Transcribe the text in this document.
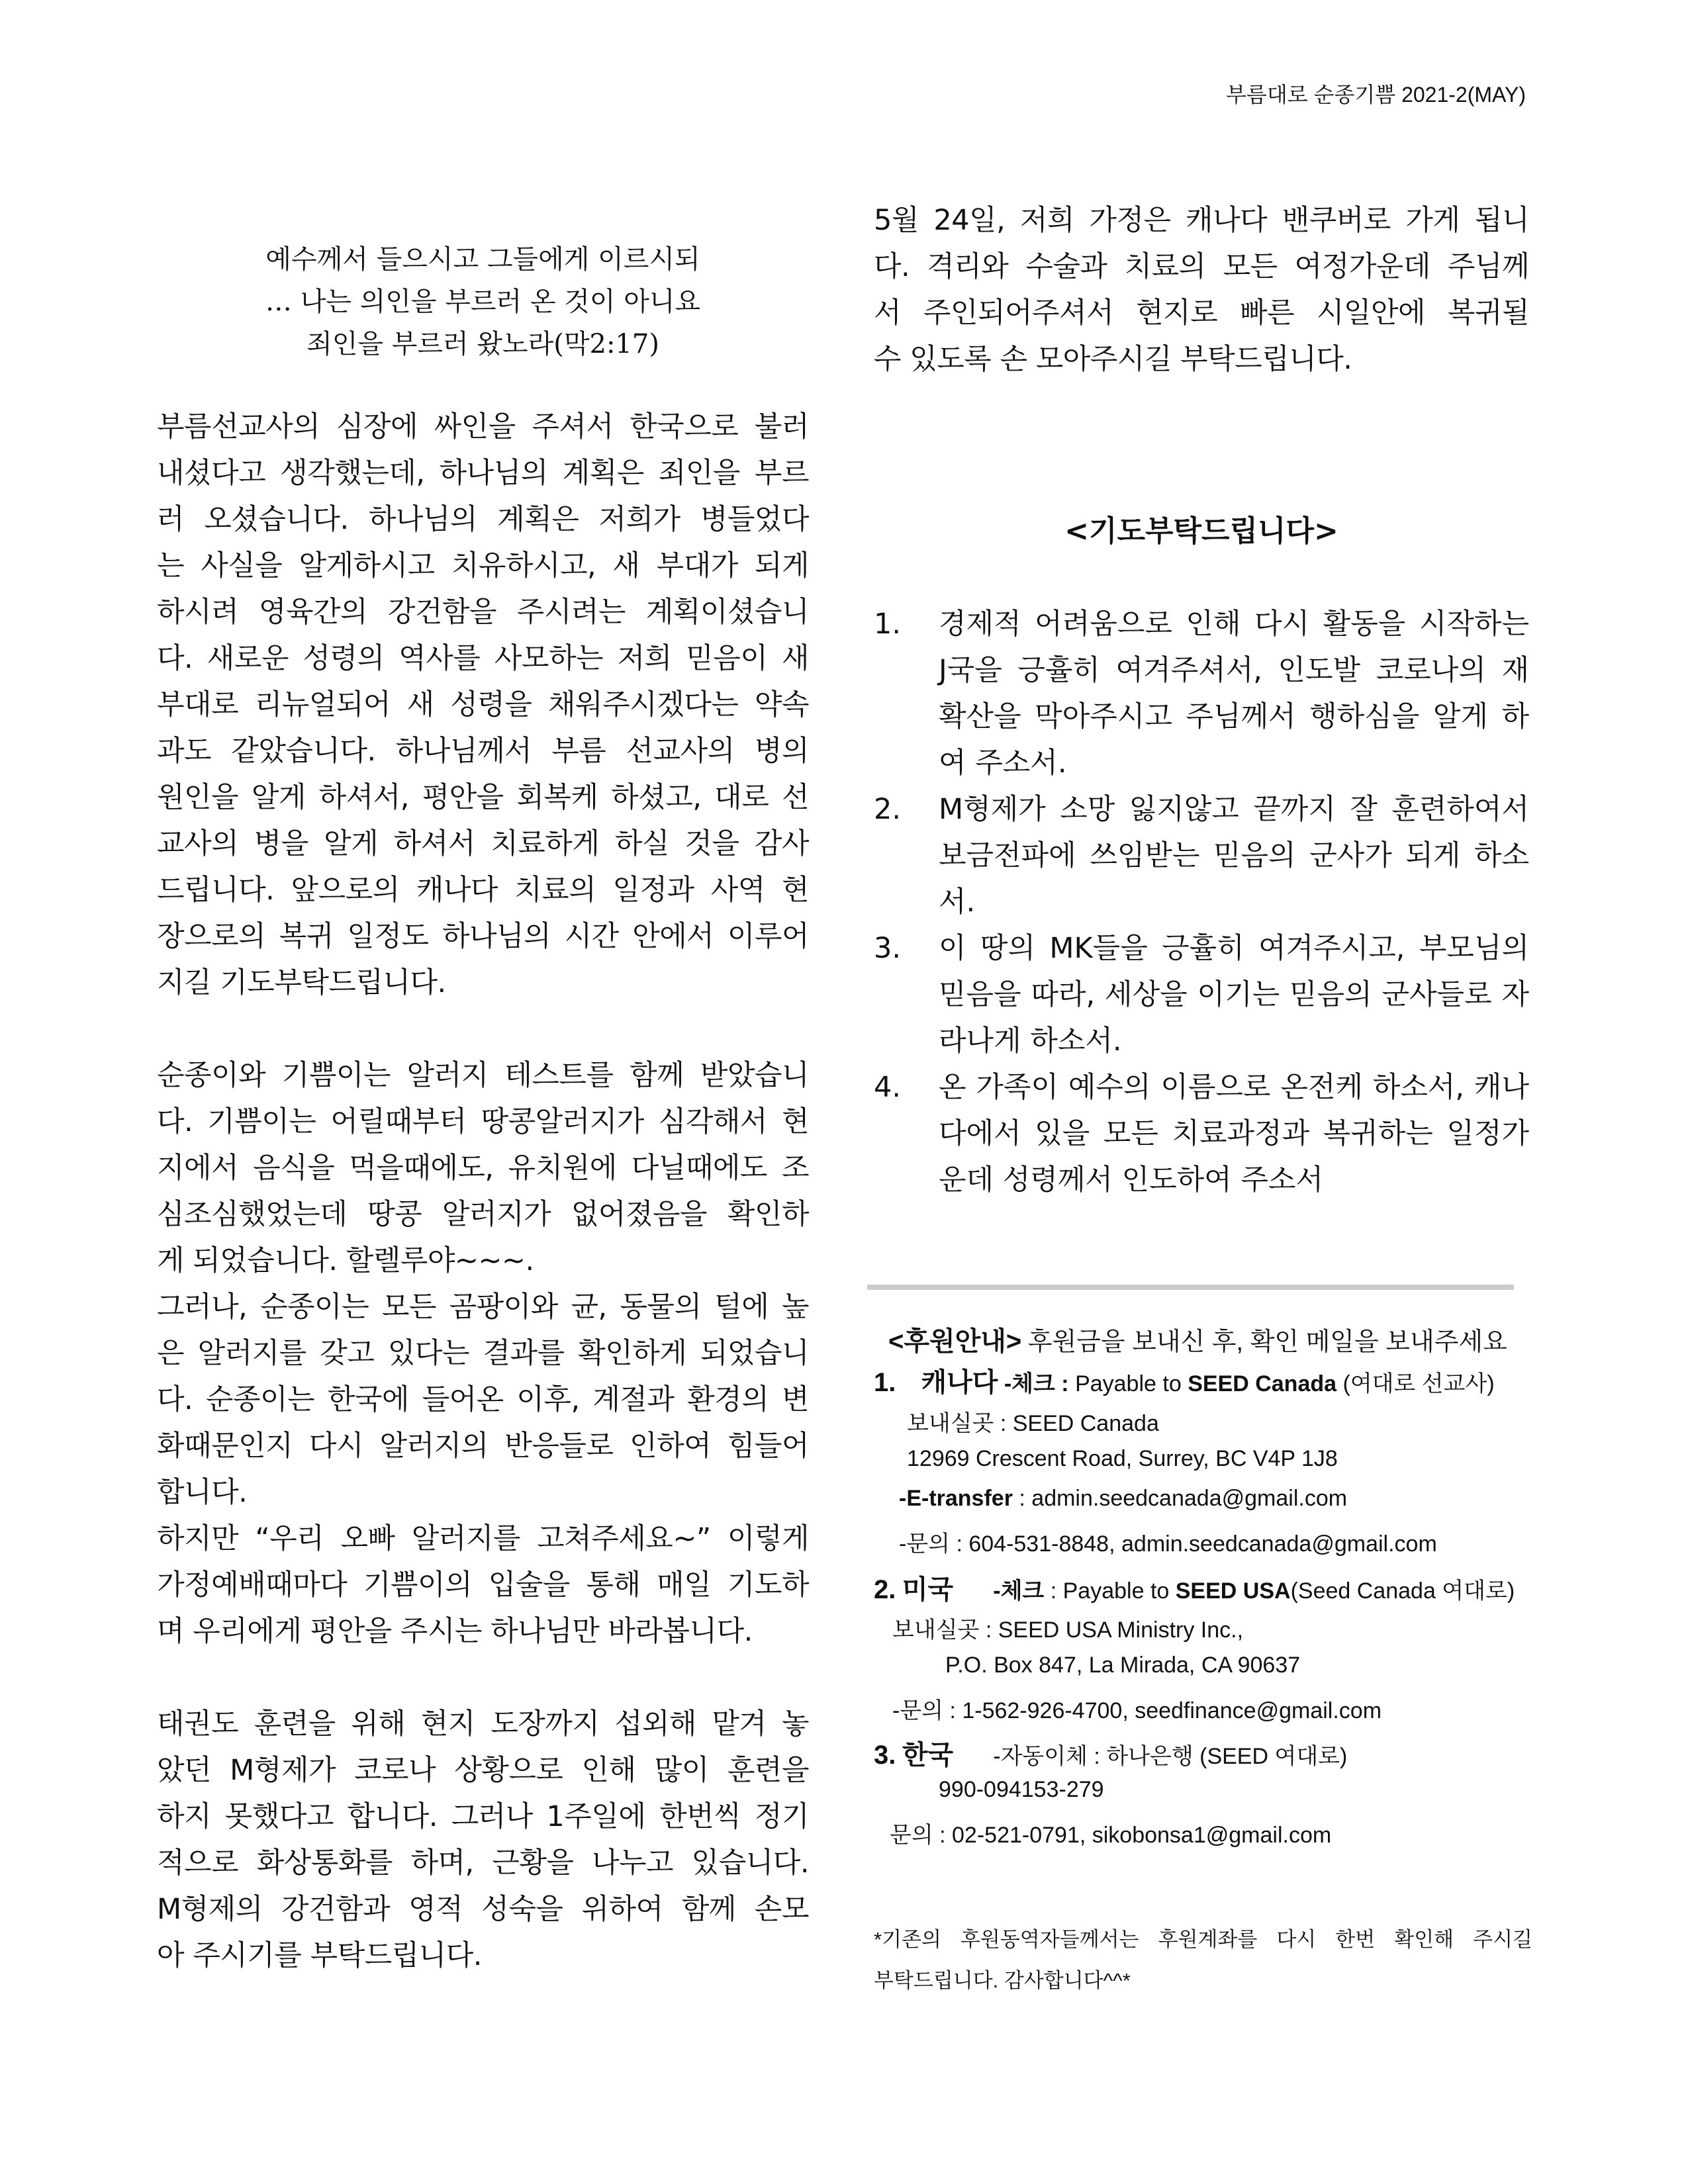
부름대로 순종기쁨 2021-2(MAY)
예수께서 들으시고 그들에게 이르시되
… 나는 의인을 부르러 온 것이 아니요
죄인을 부르러 왔노라(막2:17)

부름선교사의 심장에 싸인을 주셔서 한국으로 불러
내셨다고 생각했는데, 하나님의 계획은 죄인을 부르
러 오셨습니다. 하나님의 계획은 저희가 병들었다
는 사실을 알게하시고 치유하시고, 새 부대가 되게
하시려 영육간의 강건함을 주시려는 계획이셨습니
다. 새로운 성령의 역사를 사모하는 저희 믿음이 새
부대로 리뉴얼되어 새 성령을 채워주시겠다는 약속
과도 같았습니다. 하나님께서 부름 선교사의 병의
원인을 알게 하셔서, 평안을 회복케 하셨고, 대로 선
교사의 병을 알게 하셔서 치료하게 하실 것을 감사
드립니다. 앞으로의 캐나다 치료의 일정과 사역 현
장으로의 복귀 일정도 하나님의 시간 안에서 이루어
지길 기도부탁드립니다.

순종이와 기쁨이는 알러지 테스트를 함께 받았습니
다. 기쁨이는 어릴때부터 땅콩알러지가 심각해서 현
지에서 음식을 먹을때에도, 유치원에 다닐때에도 조
심조심했었는데 땅콩 알러지가 없어졌음을 확인하
게 되었습니다. 할렐루야~~~.

그러나, 순종이는 모든 곰팡이와 균, 동물의 털에 높
은 알러지를 갖고 있다는 결과를 확인하게 되었습니
다. 순종이는 한국에 들어온 이후, 계절과 환경의 변
화때문인지 다시 알러지의 반응들로 인하여 힘들어
합니다.

하지만 “우리 오빠 알러지를 고쳐주세요~” 이렇게
가정예배때마다 기쁨이의 입술을 통해 매일 기도하
며 우리에게 평안을 주시는 하나님만 바라봅니다.

태권도 훈련을 위해 현지 도장까지 섭외해 맡겨 놓
았던 M형제가 코로나 상황으로 인해 많이 훈련을
하지 못했다고 합니다. 그러나 1주일에 한번씩 정기
적으로 화상통화를 하며, 근황을 나누고 있습니다.
M형제의 강건함과 영적 성숙을 위하여 함께 손모
아 주시기를 부탁드립니다.

5월 24일, 저희 가정은 캐나다 밴쿠버로 가게 됩니
다. 격리와 수술과 치료의 모든 여정가운데 주님께
서 주인되어주셔서 현지로 빠른 시일안에 복귀될
수 있도록 손 모아주시길 부탁드립니다.

<기도부탁드립니다>
1. 경제적 어려움으로 인해 다시 활동을 시작하는
J국을 긍휼히 여겨주셔서, 인도발 코로나의 재
확산을 막아주시고 주님께서 행하심을 알게 하
여 주소서.
2. M형제가 소망 잃지않고 끝까지 잘 훈련하여서
보금전파에 쓰임받는 믿음의 군사가 되게 하소
서.
3. 이 땅의 MK들을 긍휼히 여겨주시고, 부모님의
믿음을 따라, 세상을 이기는 믿음의 군사들로 자
라나게 하소서.
4. 온 가족이 예수의 이름으로 온전케 하소서, 캐나
다에서 있을 모든 치료과정과 복귀하는 일정가
운데 성령께서 인도하여 주소서
<후원안내> 후원금을 보내신 후, 확인 메일을 보내주세요
1. 캐나다 -체크 : Payable to SEED Canada (여대로 선교사)
보내실곳 : SEED Canada
12969 Crescent Road, Surrey, BC V4P 1J8
-E-transfer : admin.seedcanada@gmail.com
-문의 : 604-531-8848, admin.seedcanada@gmail.com
2. 미국 -체크 : Payable to SEED USA(Seed Canada 여대로)
보내실곳 : SEED USA Ministry Inc.,
P.O. Box 847, La Mirada, CA 90637
-문의 : 1-562-926-4700, seedfinance@gmail.com
3. 한국 -자동이체 : 하나은행 (SEED 여대로)
990-094153-279
문의 : 02-521-0791, sikobonsa1@gmail.com
*기존의 후원동역자들께서는 후원계좌를 다시 한번 확인해 주시길
부탁드립니다. 감사합니다^^*
